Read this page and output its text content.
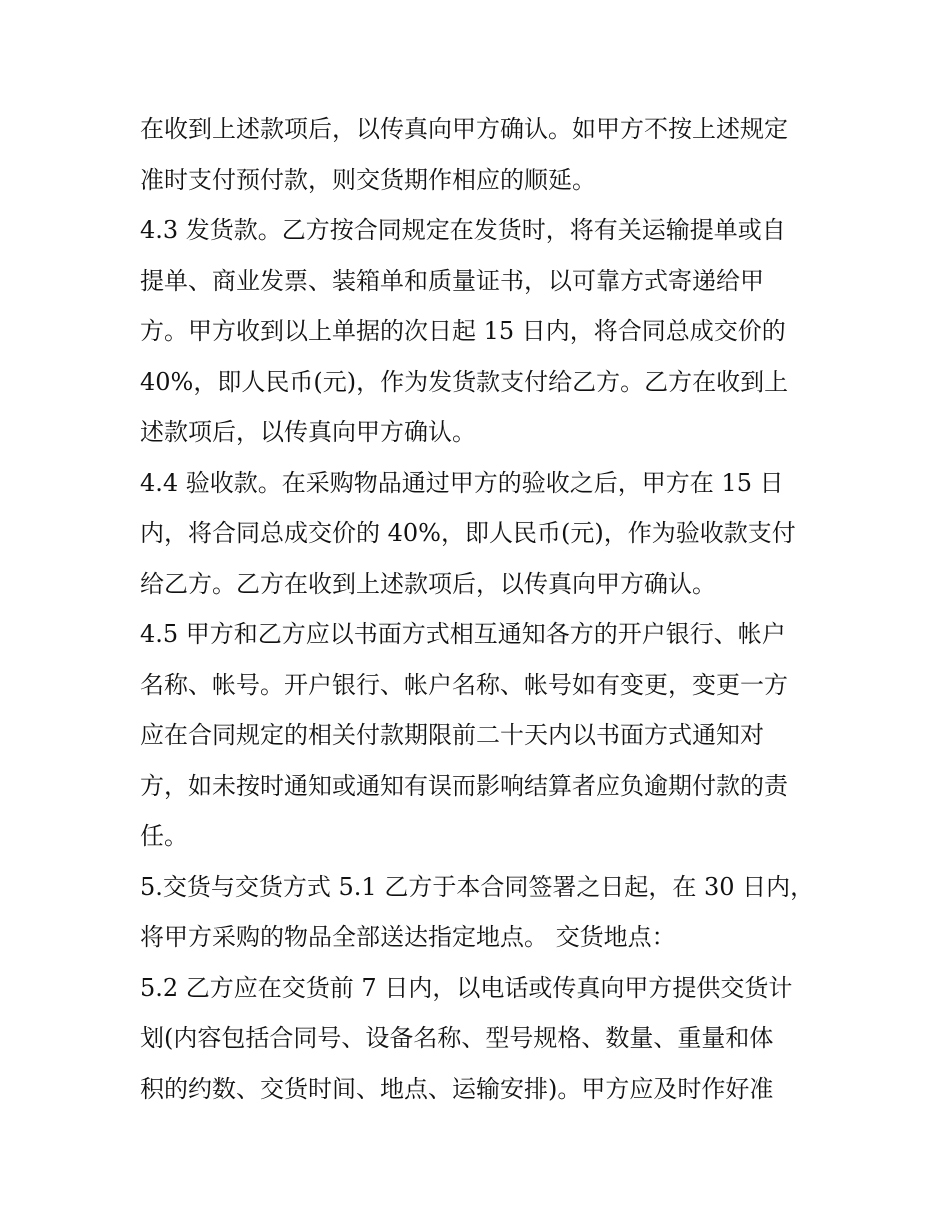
在收到上述款项后，以传真向甲方确认。如甲方不按上述规定

准时支付预付款，则交货期作相应的顺延。

4.3 发货款。乙方按合同规定在发货时，将有关运输提单或自

提单、商业发票、装箱单和质量证书，以可靠方式寄递给甲

方。甲方收到以上单据的次日起 15 日内，将合同总成交价的

40%，即人民币(元)，作为发货款支付给乙方。乙方在收到上

述款项后，以传真向甲方确认。

4.4 验收款。在采购物品通过甲方的验收之后，甲方在 15 日

内，将合同总成交价的 40%，即人民币(元)，作为验收款支付

给乙方。乙方在收到上述款项后，以传真向甲方确认。

4.5 甲方和乙方应以书面方式相互通知各方的开户银行、帐户

名称、帐号。开户银行、帐户名称、帐号如有变更，变更一方

应在合同规定的相关付款期限前二十天内以书面方式通知对

方，如未按时通知或通知有误而影响结算者应负逾期付款的责

任。

5.交货与交货方式 5.1 乙方于本合同签署之日起，在 30 日内，

将甲方采购的物品全部送达指定地点。 交货地点：

5.2 乙方应在交货前 7 日内，以电话或传真向甲方提供交货计

划(内容包括合同号、设备名称、型号规格、数量、重量和体

积的约数、交货时间、地点、运输安排)。甲方应及时作好准
